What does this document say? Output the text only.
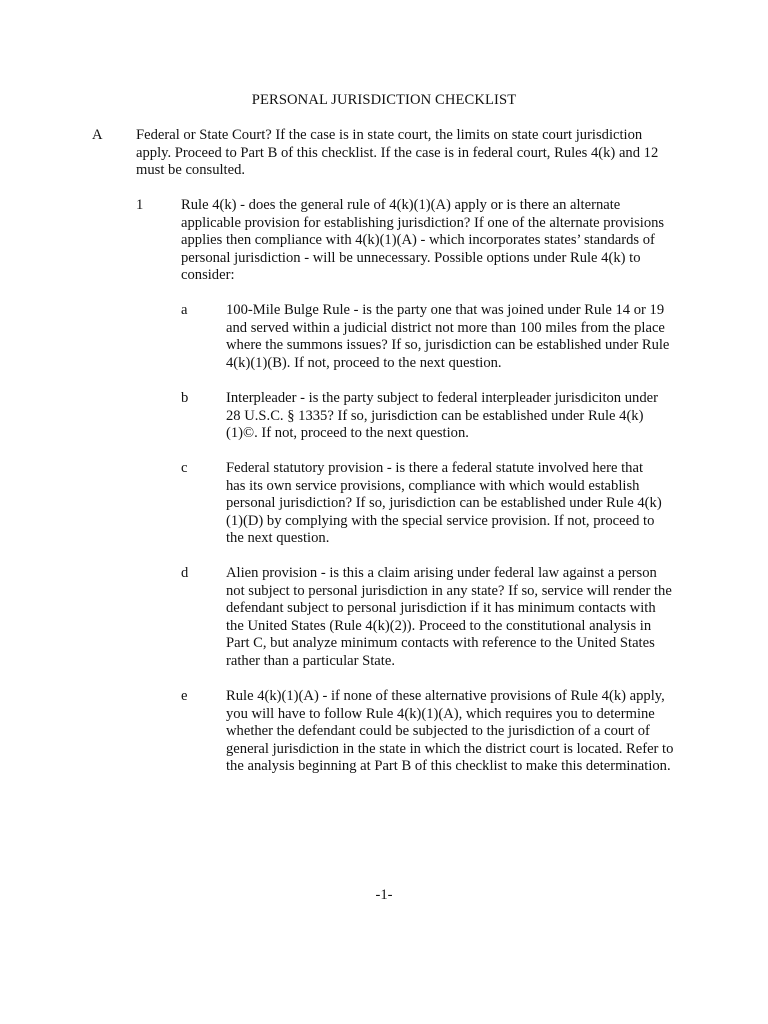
PERSONAL JURISDICTION CHECKLIST
A Federal or State Court? If the case is in state court, the limits on state court jurisdiction apply. Proceed to Part B of this checklist. If the case is in federal court, Rules 4(k) and 12 must be consulted.
1	Rule 4(k) - does the general rule of 4(k)(1)(A) apply or is there an alternate applicable provision for establishing jurisdiction? If one of the alternate provisions applies then compliance with 4(k)(1)(A) - which incorporates states’ standards of personal jurisdiction - will be unnecessary. Possible options under Rule 4(k) to consider:
a	100-Mile Bulge Rule - is the party one that was joined under Rule 14 or 19 and served within a judicial district not more than 100 miles from the place where the summons issues? If so, jurisdiction can be established under Rule 4(k)(1)(B). If not, proceed to the next question.
b	Interpleader - is the party subject to federal interpleader jurisdiciton under 28 U.S.C. § 1335? If so, jurisdiction can be established under Rule 4(k)(1)©. If not, proceed to the next question.
c	Federal statutory provision - is there a federal statute involved here that has its own service provisions, compliance with which would establish personal jurisdiction? If so, jurisdiction can be established under Rule 4(k)(1)(D) by complying with the special service provision. If not, proceed to the next question.
d	Alien provision - is this a claim arising under federal law against a person not subject to personal jurisdiction in any state? If so, service will render the defendant subject to personal jurisdiction if it has minimum contacts with the United States (Rule 4(k)(2)). Proceed to the constitutional analysis in Part C, but analyze minimum contacts with reference to the United States rather than a particular State.
e	Rule 4(k)(1)(A) - if none of these alternative provisions of Rule 4(k) apply, you will have to follow Rule 4(k)(1)(A), which requires you to determine whether the defendant could be subjected to the jurisdiction of a court of general jurisdiction in the state in which the district court is located. Refer to the analysis beginning at Part B of this checklist to make this determination.
-1-
